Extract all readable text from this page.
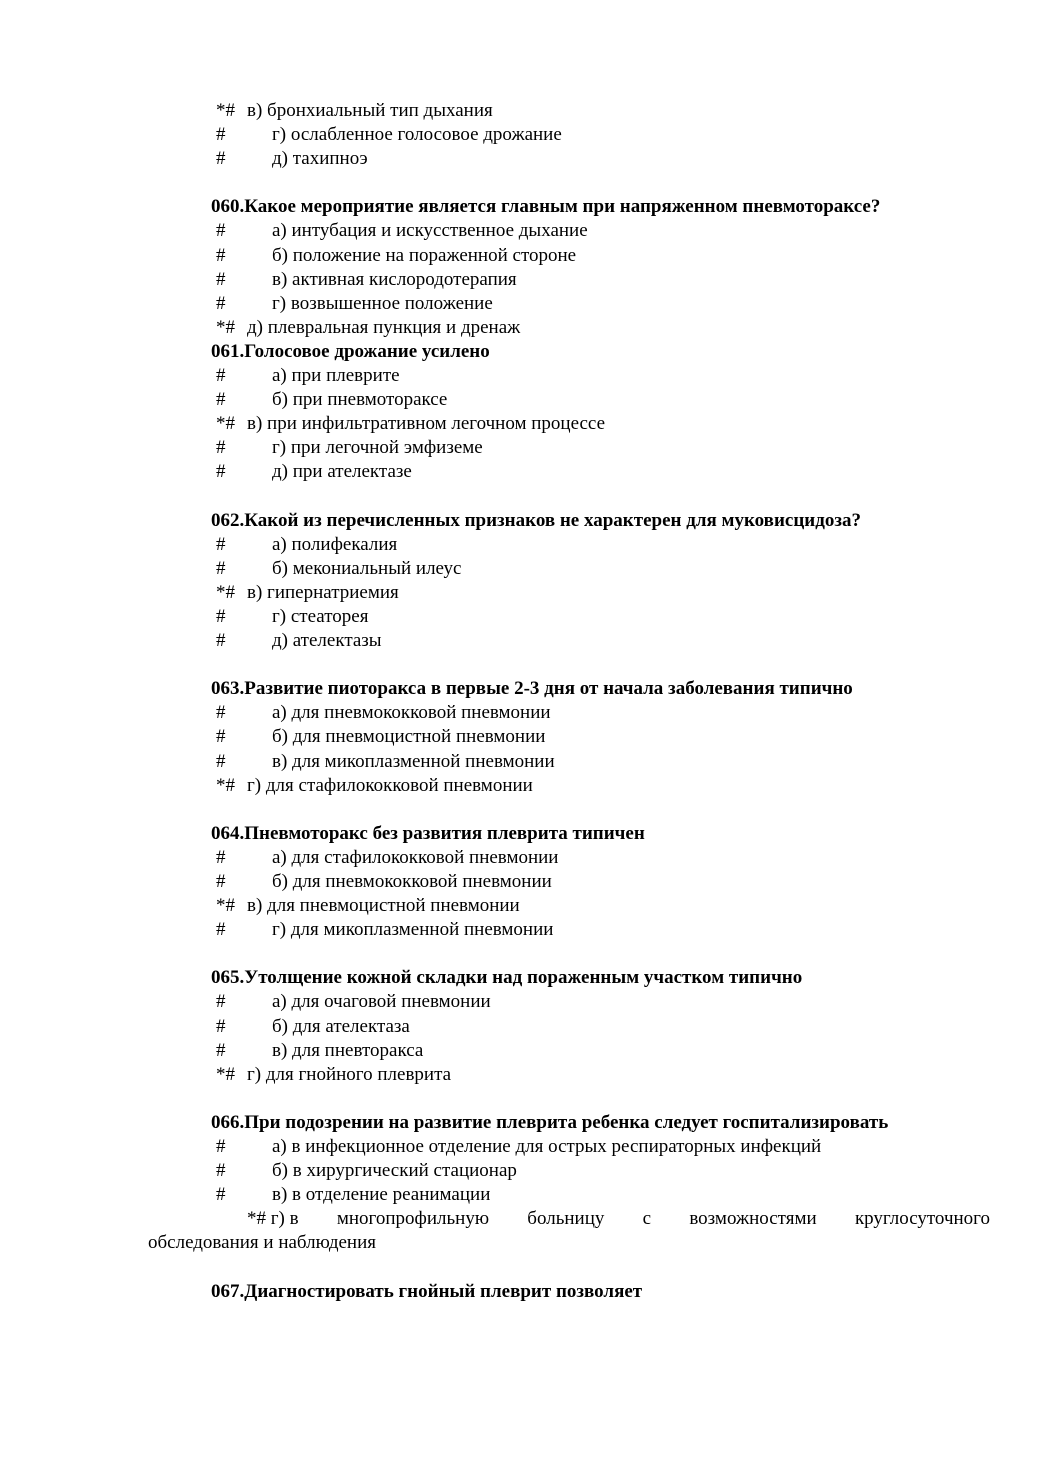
*# в) бронхиальный тип дыхания
# г) ослабленное голосовое дрожание
# д) тахипноэ
060.Какое мероприятие является главным при напряженном пневмотораксе?
# а) интубация и искусственное дыхание
# б) положение на пораженной стороне
# в) активная кислородотерапия
# г) возвышенное положение
*# д) плевральная пункция и дренаж
061.Голосовое дрожание усилено
# а) при плеврите
# б) при пневмотораксе
*# в) при инфильтративном легочном процессе
# г) при легочной эмфиземе
# д) при ателектазе
062.Какой из перечисленных признаков не характерен для муковисцидоза?
# а) полифекалия
# б) мекониальный илеус
*# в) гипернатриемия
# г) стеаторея
# д) ателектазы
063.Развитие пиоторакса в первые 2-3 дня от начала заболевания типично
# а) для пневмококковой пневмонии
# б) для пневмоцистной пневмонии
# в) для микоплазменной пневмонии
*# г) для стафилококковой пневмонии
064.Пневмоторакс без развития плеврита типичен
# а) для стафилококковой пневмонии
# б) для пневмококковой пневмонии
*# в) для пневмоцистной пневмонии
# г) для микоплазменной пневмонии
065.Утолщение кожной складки над пораженным участком типично
# а) для очаговой пневмонии
# б) для ателектаза
# в) для пневторакса
*# г) для гнойного плеврита
066.При подозрении на развитие плеврита ребенка следует госпитализировать
# а) в инфекционное отделение для острых респираторных инфекций
# б) в хирургический стационар
# в) в отделение реанимации
*# г) в многопрофильную больницу с возможностями круглосуточного
обследования и наблюдения
067.Диагностировать гнойный плеврит позволяет
